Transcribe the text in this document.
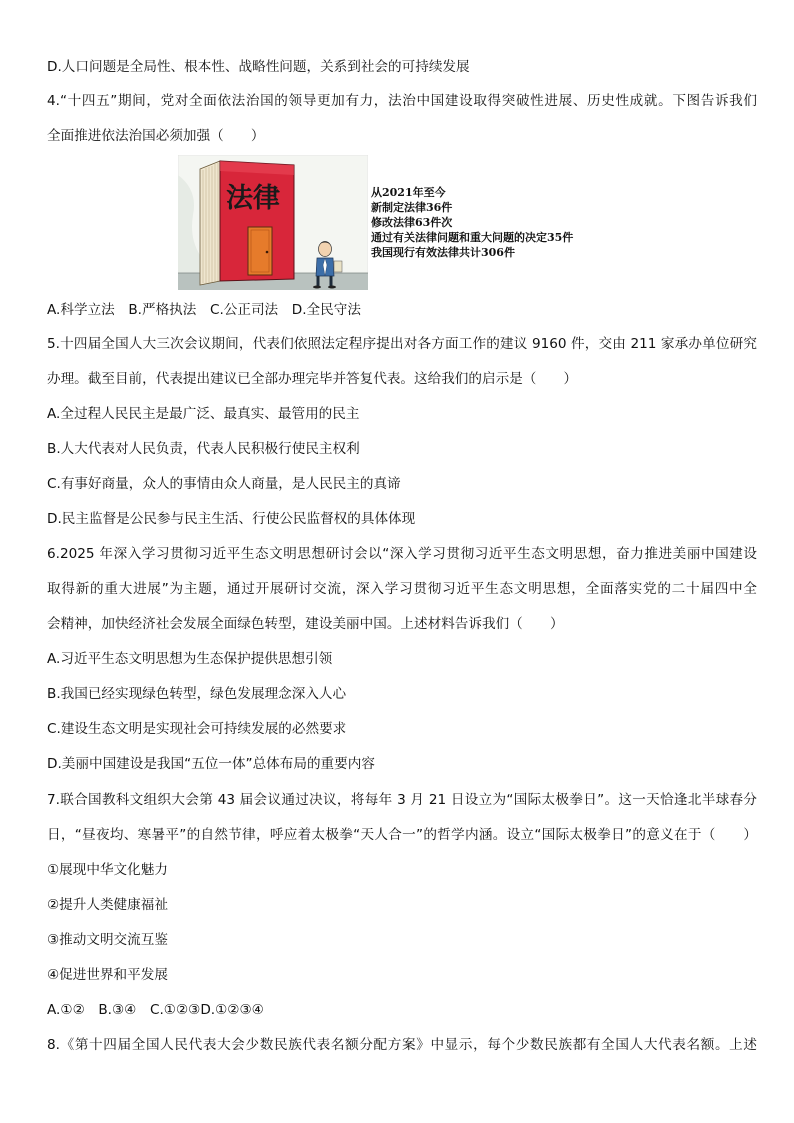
D.人口问题是全局性、根本性、战略性问题，关系到社会的可持续发展
4.“十四五”期间，党对全面依法治国的领导更加有力，法治中国建设取得突破性进展、历史性成就。下图告诉我们
全面推进依法治国必须加强（　　）
法律	从2021年至今
新制定法律36件
修改法律63件次
通过有关法律问题和重大问题的决定35件
我国现行有效法律共计306件
A.科学立法　B.严格执法　C.公正司法　D.全民守法
5.十四届全国人大三次会议期间，代表们依照法定程序提出对各方面工作的建议 9160 件，交由 211 家承办单位研究
办理。截至目前，代表提出建议已全部办理完毕并答复代表。这给我们的启示是（　　）
A.全过程人民民主是最广泛、最真实、最管用的民主
B.人大代表对人民负责，代表人民积极行使民主权利
C.有事好商量，众人的事情由众人商量，是人民民主的真谛
D.民主监督是公民参与民主生活、行使公民监督权的具体体现
6.2025 年深入学习贯彻习近平生态文明思想研讨会以“深入学习贯彻习近平生态文明思想，奋力推进美丽中国建设
取得新的重大进展”为主题，通过开展研讨交流，深入学习贯彻习近平生态文明思想，全面落实党的二十届四中全
会精神，加快经济社会发展全面绿色转型，建设美丽中国。上述材料告诉我们（　　）
A.习近平生态文明思想为生态保护提供思想引领
B.我国已经实现绿色转型，绿色发展理念深入人心
C.建设生态文明是实现社会可持续发展的必然要求
D.美丽中国建设是我国“五位一体”总体布局的重要内容
7.联合国教科文组织大会第 43 届会议通过决议，将每年 3 月 21 日设立为“国际太极拳日”。这一天恰逢北半球春分
日，“昼夜均、寒暑平”的自然节律，呼应着太极拳“天人合一”的哲学内涵。设立“国际太极拳日”的意义在于（　　）
①展现中华文化魅力
②提升人类健康福祉
③推动文明交流互鉴
④促进世界和平发展
A.①②　B.③④　C.①②③D.①②③④
8.《第十四届全国人民代表大会少数民族代表名额分配方案》中显示，每个少数民族都有全国人大代表名额。上述
